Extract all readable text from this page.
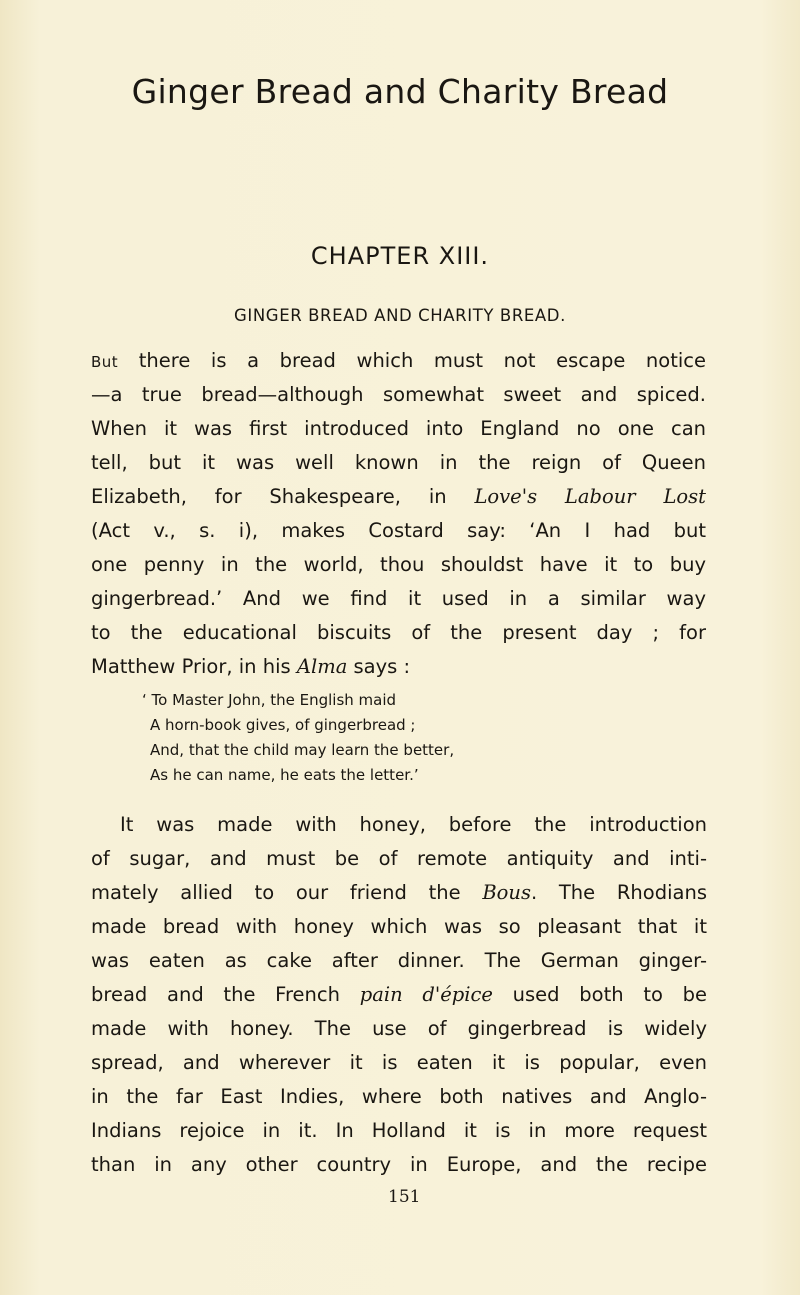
Ginger Bread and Charity Bread
CHAPTER XIII.
GINGER BREAD AND CHARITY BREAD.
But there is a bread which must not escape notice
—a true bread—although somewhat sweet and spiced.
When it was first introduced into England no one can
tell, but it was well known in the reign of Queen
Elizabeth, for Shakespeare, in Love's Labour Lost
(Act v., s. i), makes Costard say: ‘An I had but
one penny in the world, thou shouldst have it to buy
gingerbread.’ And we find it used in a similar way
to the educational biscuits of the present day ; for
Matthew Prior, in his Alma says :
‘ To Master John, the English maid
A horn-book gives, of gingerbread ;
And, that the child may learn the better,
As he can name, he eats the letter.’
It was made with honey, before the introduction
of sugar, and must be of remote antiquity and inti-
mately allied to our friend the Bous. The Rhodians
made bread with honey which was so pleasant that it
was eaten as cake after dinner. The German ginger-
bread and the French pain d'épice used both to be
made with honey. The use of gingerbread is widely
spread, and wherever it is eaten it is popular, even
in the far East Indies, where both natives and Anglo-
Indians rejoice in it. In Holland it is in more request
than in any other country in Europe, and the recipe
151
